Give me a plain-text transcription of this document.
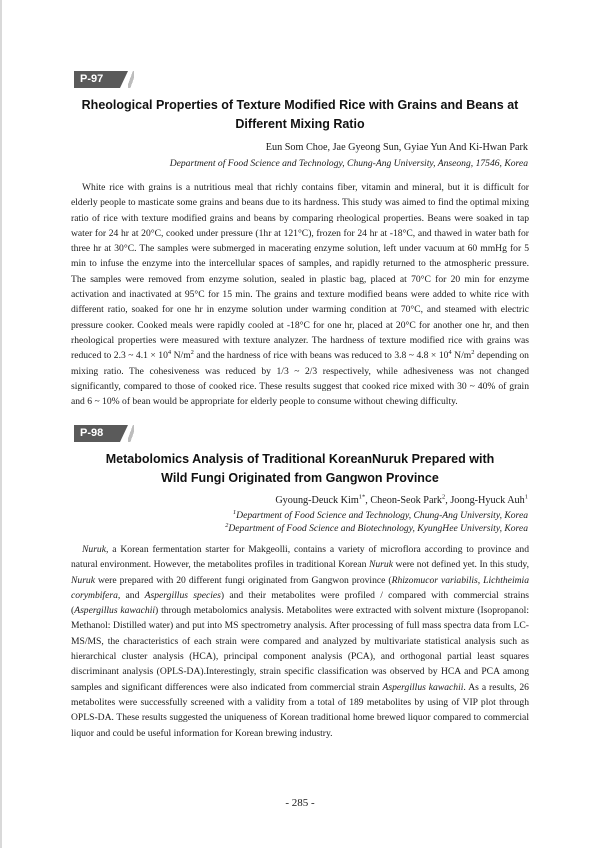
P-97
Rheological Properties of Texture Modified Rice with Grains and Beans at
Different Mixing Ratio
Eun Som Choe, Jae Gyeong Sun, Gyiae Yun And Ki-Hwan Park
Department of Food Science and Technology, Chung-Ang University, Anseong, 17546, Korea

White rice with grains is a nutritious meal that richly contains fiber, vitamin and mineral, but it is difficult for elderly people to masticate some grains and beans due to its hardness. This study was aimed to find the optimal mixing ratio of rice with texture modified grains and beans by comparing rheological properties. Beans were soaked in tap water for 24 hr at 20°C, cooked under pressure (1hr at 121°C), frozen for 24 hr at -18°C, and thawed in water bath for three hr at 30°C. The samples were submerged in macerating enzyme solution, left under vacuum at 60 mmHg for 5 min to infuse the enzyme into the intercellular spaces of samples, and rapidly returned to the atmospheric pressure. The samples were removed from enzyme solution, sealed in plastic bag, placed at 70°C for 20 min for enzyme activation and inactivated at 95°C for 15 min. The grains and texture modified beans were added to white rice with different ratio, soaked for one hr in enzyme solution under warming condition at 70°C, and steamed with electric pressure cooker. Cooked meals were rapidly cooled at -18°C for one hr, placed at 20°C for another one hr, and then rheological properties were measured with texture analyzer. The hardness of texture modified rice with grains was reduced to 2.3 ~ $4.1 \times 10^4$ $N/m^2$ and the hardness of rice with beans was reduced to 3.8 ~ $4.8 \times 10^4$ $N/m^2$ depending on mixing ratio. The cohesiveness was reduced by 1/3 ~ 2/3 respectively, while adhesiveness was not changed significantly, compared to those of cooked rice. These results suggest that cooked rice mixed with 30 ~ 40% of grain and 6 ~ 10% of bean would be appropriate for elderly people to consume without chewing difficulty.

P-98
Metabolomics Analysis of Traditional KoreanNuruk Prepared with
Wild Fungi Originated from Gangwon Province
Gyoung-Deuck Kim$^{1*}$, Cheon-Seok Park$^2$, Joong-Hyuck Auh$^1$
$^1$Department of Food Science and Technology, Chung-Ang University, Korea
$^2$Department of Food Science and Biotechnology, KyungHee University, Korea

Nuruk, a Korean fermentation starter for Makgeolli, contains a variety of microflora according to province and natural environment. However, the metabolites profiles in traditional Korean Nuruk were not defined yet. In this study, Nuruk were prepared with 20 different fungi originated from Gangwon province (Rhizomucor variabilis, Lichtheimia corymbifera, and Aspergillus species) and their metabolites were profiled / compared with commercial strains (Aspergillus kawachii) through metabolomics analysis. Metabolites were extracted with solvent mixture (Isopropanol: Methanol: Distilled water) and put into MS spectrometry analysis. After processing of full mass spectra data from LC-MS/MS, the characteristics of each strain were compared and analyzed by multivariate statistical analysis such as hierarchical cluster analysis (HCA), principal component analysis (PCA), and orthogonal partial least squares discriminant analysis (OPLS-DA).Interestingly, strain specific classification was observed by HCA and PCA among samples and significant differences were also indicated from commercial strain Aspergillus kawachii. As a results, 26 metabolites were successfully screened with a validity from a total of 189 metabolites by using of VIP plot through OPLS-DA. These results suggested the uniqueness of Korean traditional home brewed liquor compared to commercial liquor and could be useful information for Korean brewing industry.

- 285 -
